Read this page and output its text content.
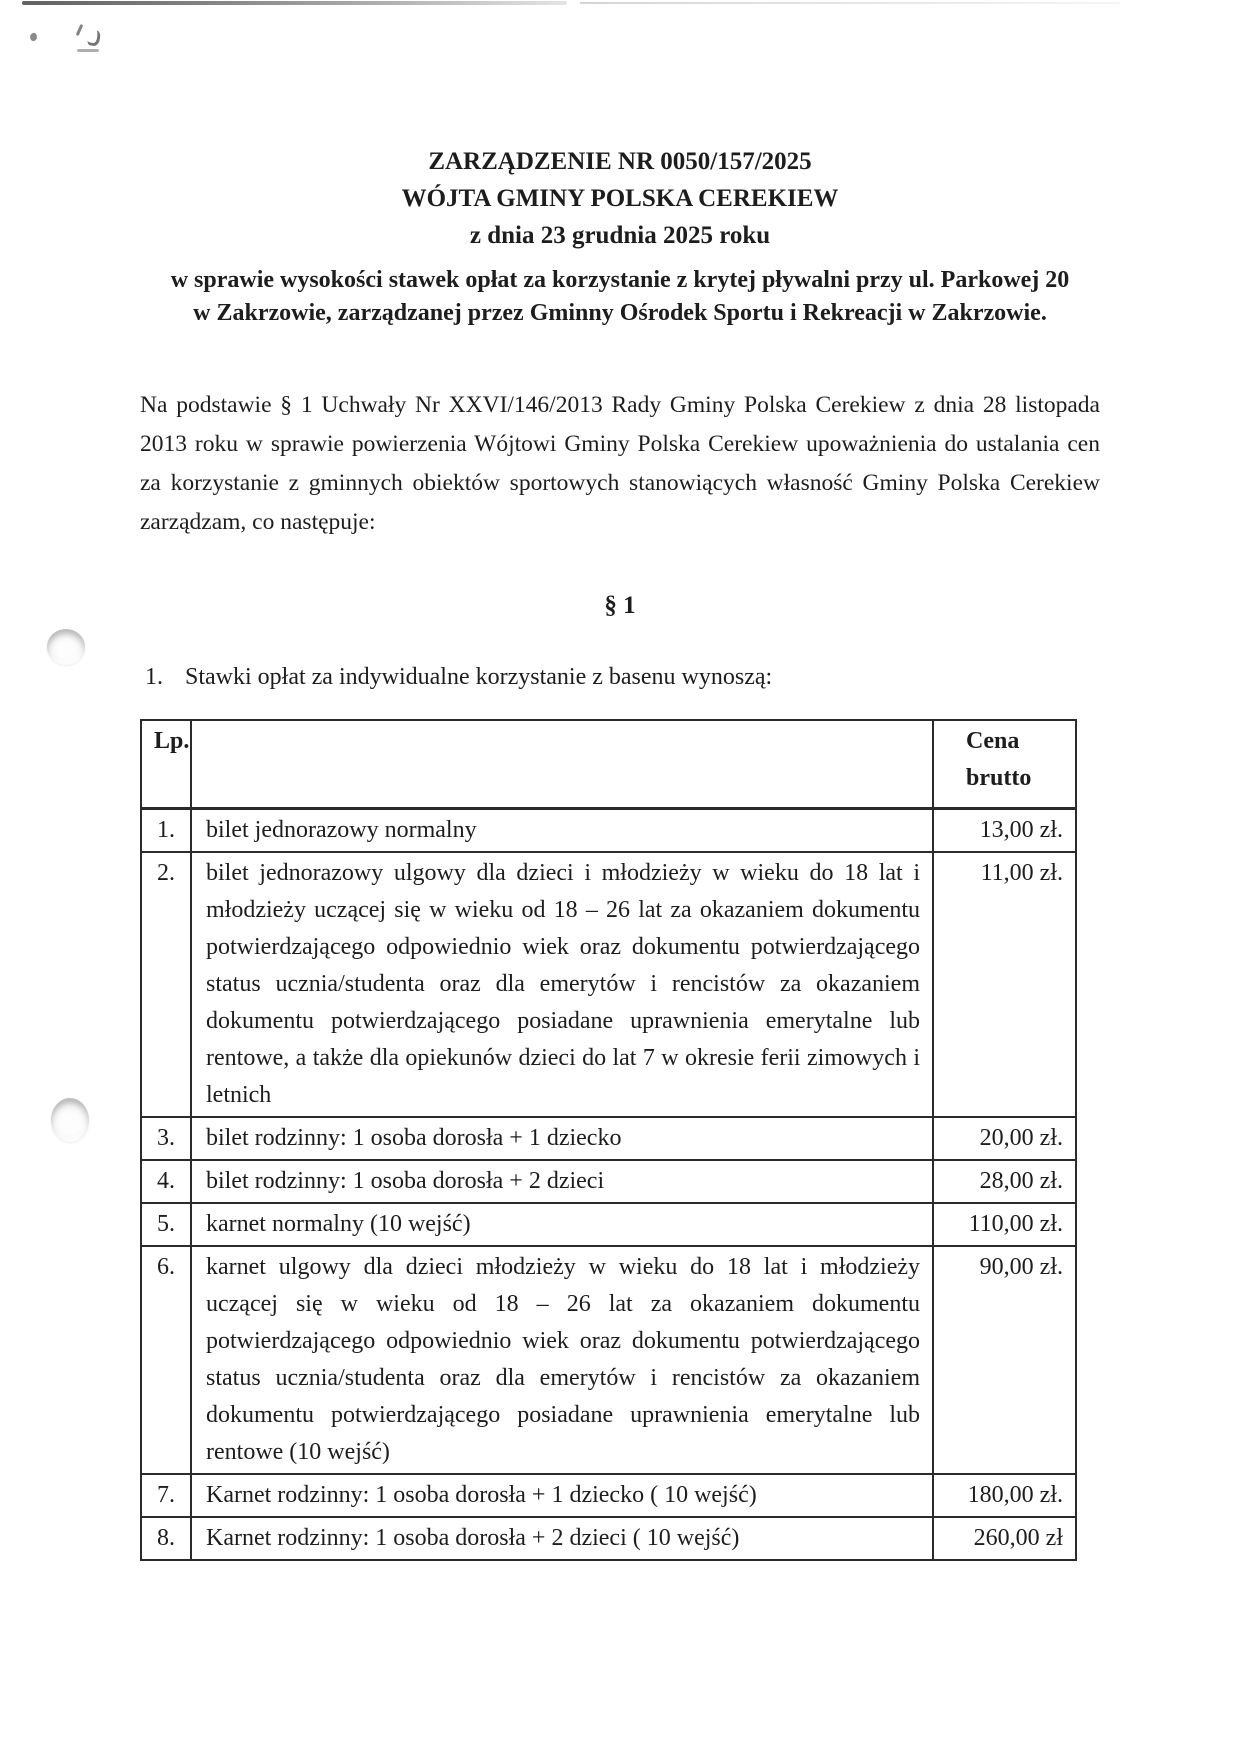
ZARZĄDZENIE NR 0050/157/2025
WÓJTA GMINY POLSKA CEREKIEW
z dnia 23 grudnia 2025 roku
w sprawie wysokości stawek opłat za korzystanie z krytej pływalni przy ul. Parkowej 20
w Zakrzowie, zarządzanej przez Gminny Ośrodek Sportu i Rekreacji w Zakrzowie.

Na podstawie § 1 Uchwały Nr XXVI/146/2013 Rady Gminy Polska Cerekiew z dnia 28 listopada 2013 roku w sprawie powierzenia Wójtowi Gminy Polska Cerekiew upoważnienia do ustalania cen za korzystanie z gminnych obiektów sportowych stanowiących własność Gminy Polska Cerekiew zarządzam, co następuje:

§ 1
1. Stawki opłat za indywidualne korzystanie z basenu wynoszą:
Lp.		Cena brutto
1.	bilet jednorazowy normalny	13,00 zł.
2.	bilet jednorazowy ulgowy dla dzieci i młodzieży w wieku do 18 lat i młodzieży uczącej się w wieku od 18 – 26 lat za okazaniem dokumentu potwierdzającego odpowiednio wiek oraz dokumentu potwierdzającego status ucznia/studenta oraz dla emerytów i rencistów za okazaniem dokumentu potwierdzającego posiadane uprawnienia emerytalne lub rentowe, a także dla opiekunów dzieci do lat 7 w okresie ferii zimowych i letnich	11,00 zł.
3.	bilet rodzinny: 1 osoba dorosła + 1 dziecko	20,00 zł.
4.	bilet rodzinny: 1 osoba dorosła + 2 dzieci	28,00 zł.
5.	karnet normalny (10 wejść)	110,00 zł.
6.	karnet ulgowy dla dzieci młodzieży w wieku do 18 lat i młodzieży uczącej się w wieku od 18 – 26 lat za okazaniem dokumentu potwierdzającego odpowiednio wiek oraz dokumentu potwierdzającego status ucznia/studenta oraz dla emerytów i rencistów za okazaniem dokumentu potwierdzającego posiadane uprawnienia emerytalne lub rentowe (10 wejść)	90,00 zł.
7.	Karnet rodzinny: 1 osoba dorosła + 1 dziecko ( 10 wejść)	180,00 zł.
8.	Karnet rodzinny: 1 osoba dorosła + 2 dzieci ( 10 wejść)	260,00 zł
